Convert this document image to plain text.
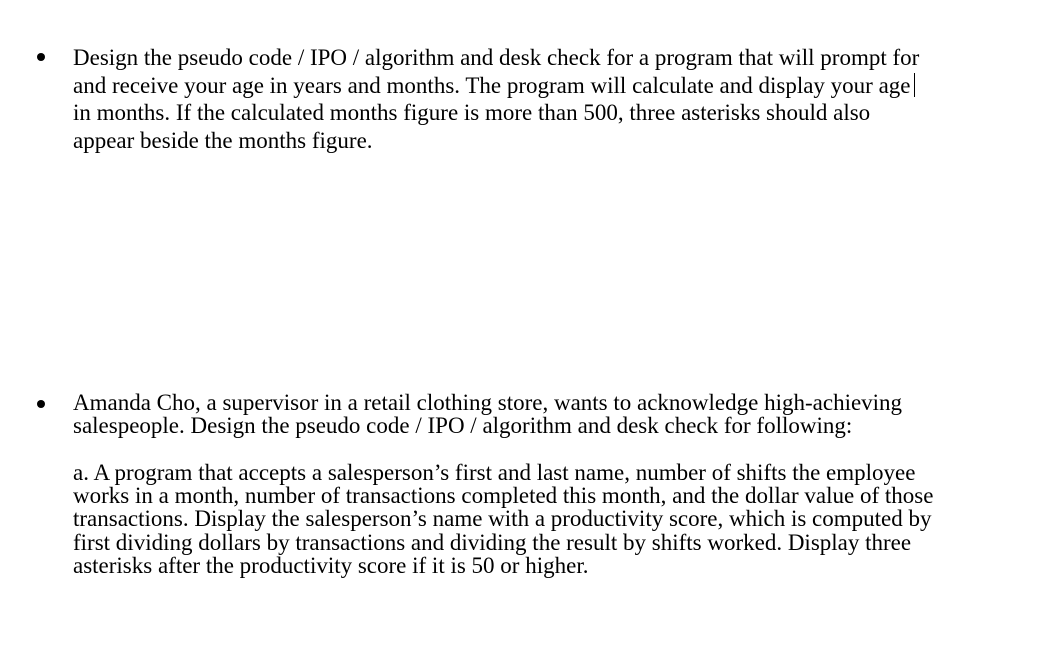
Design the pseudo code / IPO / algorithm and desk check for a program that will prompt for
and receive your age in years and months. The program will calculate and display your age
in months. If the calculated months figure is more than 500, three asterisks should also
appear beside the months figure.

Amanda Cho, a supervisor in a retail clothing store, wants to acknowledge high-achieving
salespeople. Design the pseudo code / IPO / algorithm and desk check for following:

a. A program that accepts a salesperson’s first and last name, number of shifts the employee
works in a month, number of transactions completed this month, and the dollar value of those
transactions. Display the salesperson’s name with a productivity score, which is computed by
first dividing dollars by transactions and dividing the result by shifts worked. Display three
asterisks after the productivity score if it is 50 or higher.
